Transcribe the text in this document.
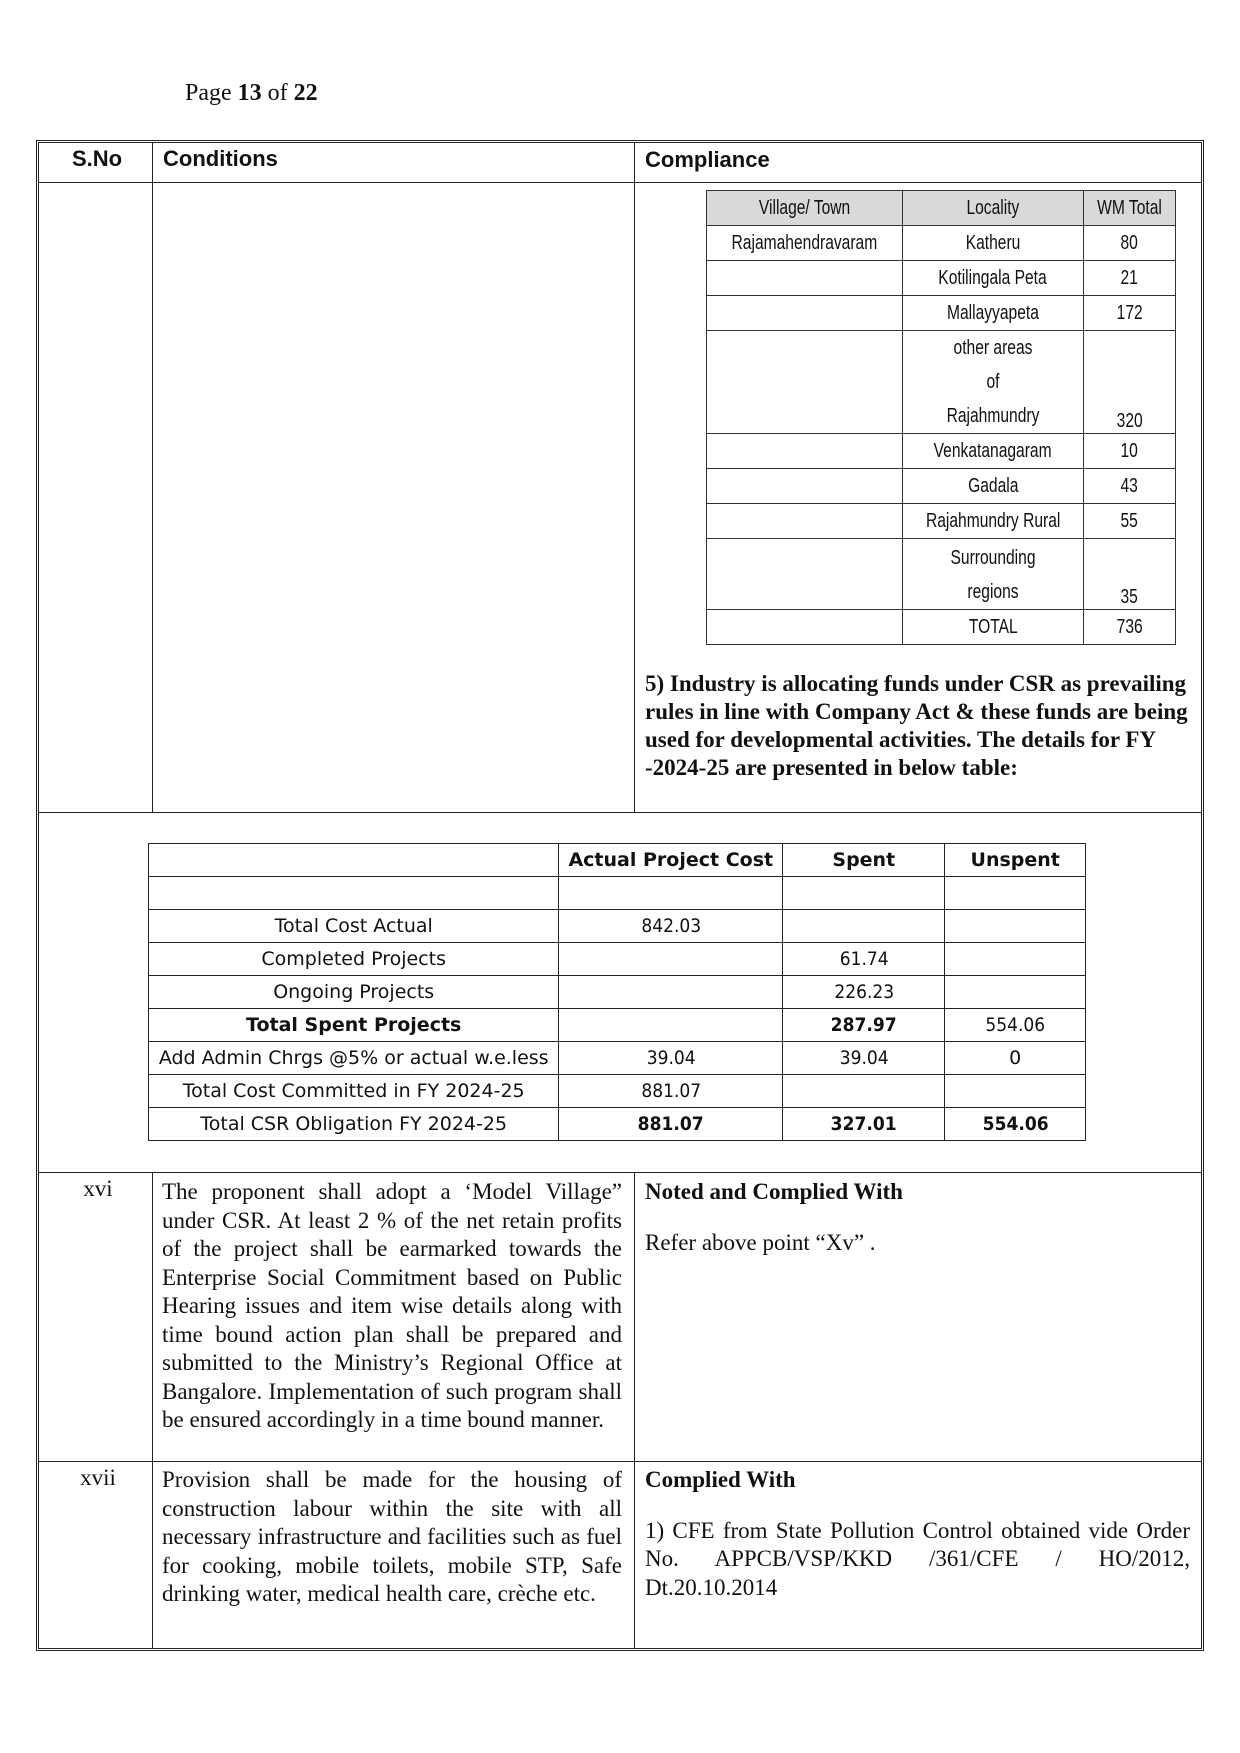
Page 13 of 22
S.No Conditions	Compliance
Village/ Town	Locality	WM Total
Rajamahendravaram	Katheru	80
	Kotilingala Peta	21
	Mallayyapeta	172
	other areas of Rajahmundry	320
	Venkatanagaram	10
	Gadala	43
	Rajahmundry Rural	55
	Surrounding regions	35
	TOTAL	736
5) Industry is allocating funds under CSR as prevailing rules in line with Company Act & these funds are being used for developmental activities. The details for FY -2024-25 are presented in below table:
	Actual Project Cost	Spent	Unspent

Total Cost Actual	842.03		
Completed Projects		61.74	
Ongoing Projects		226.23	
Total Spent Projects		287.97	554.06
Add Admin Chrgs @5% or actual w.e.less	39.04	39.04	0
Total Cost Committed in FY 2024-25	881.07		
Total CSR Obligation FY 2024-25	881.07	327.01	554.06
xvi	The proponent shall adopt a ‘Model Village” under CSR. At least 2 % of the net retain profits of the project shall be earmarked towards the Enterprise Social Commitment based on Public Hearing issues and item wise details along with time bound action plan shall be prepared and submitted to the Ministry’s Regional Office at Bangalore. Implementation of such program shall be ensured accordingly in a time bound manner.
Noted and Complied With
Refer above point “Xv” .
xvii	Provision shall be made for the housing of construction labour within the site with all necessary infrastructure and facilities such as fuel for cooking, mobile toilets, mobile STP, Safe drinking water, medical health care, crèche etc.
Complied With
1) CFE from State Pollution Control obtained vide Order No. APPCB/VSP/KKD /361/CFE / HO/2012, Dt.20.10.2014
